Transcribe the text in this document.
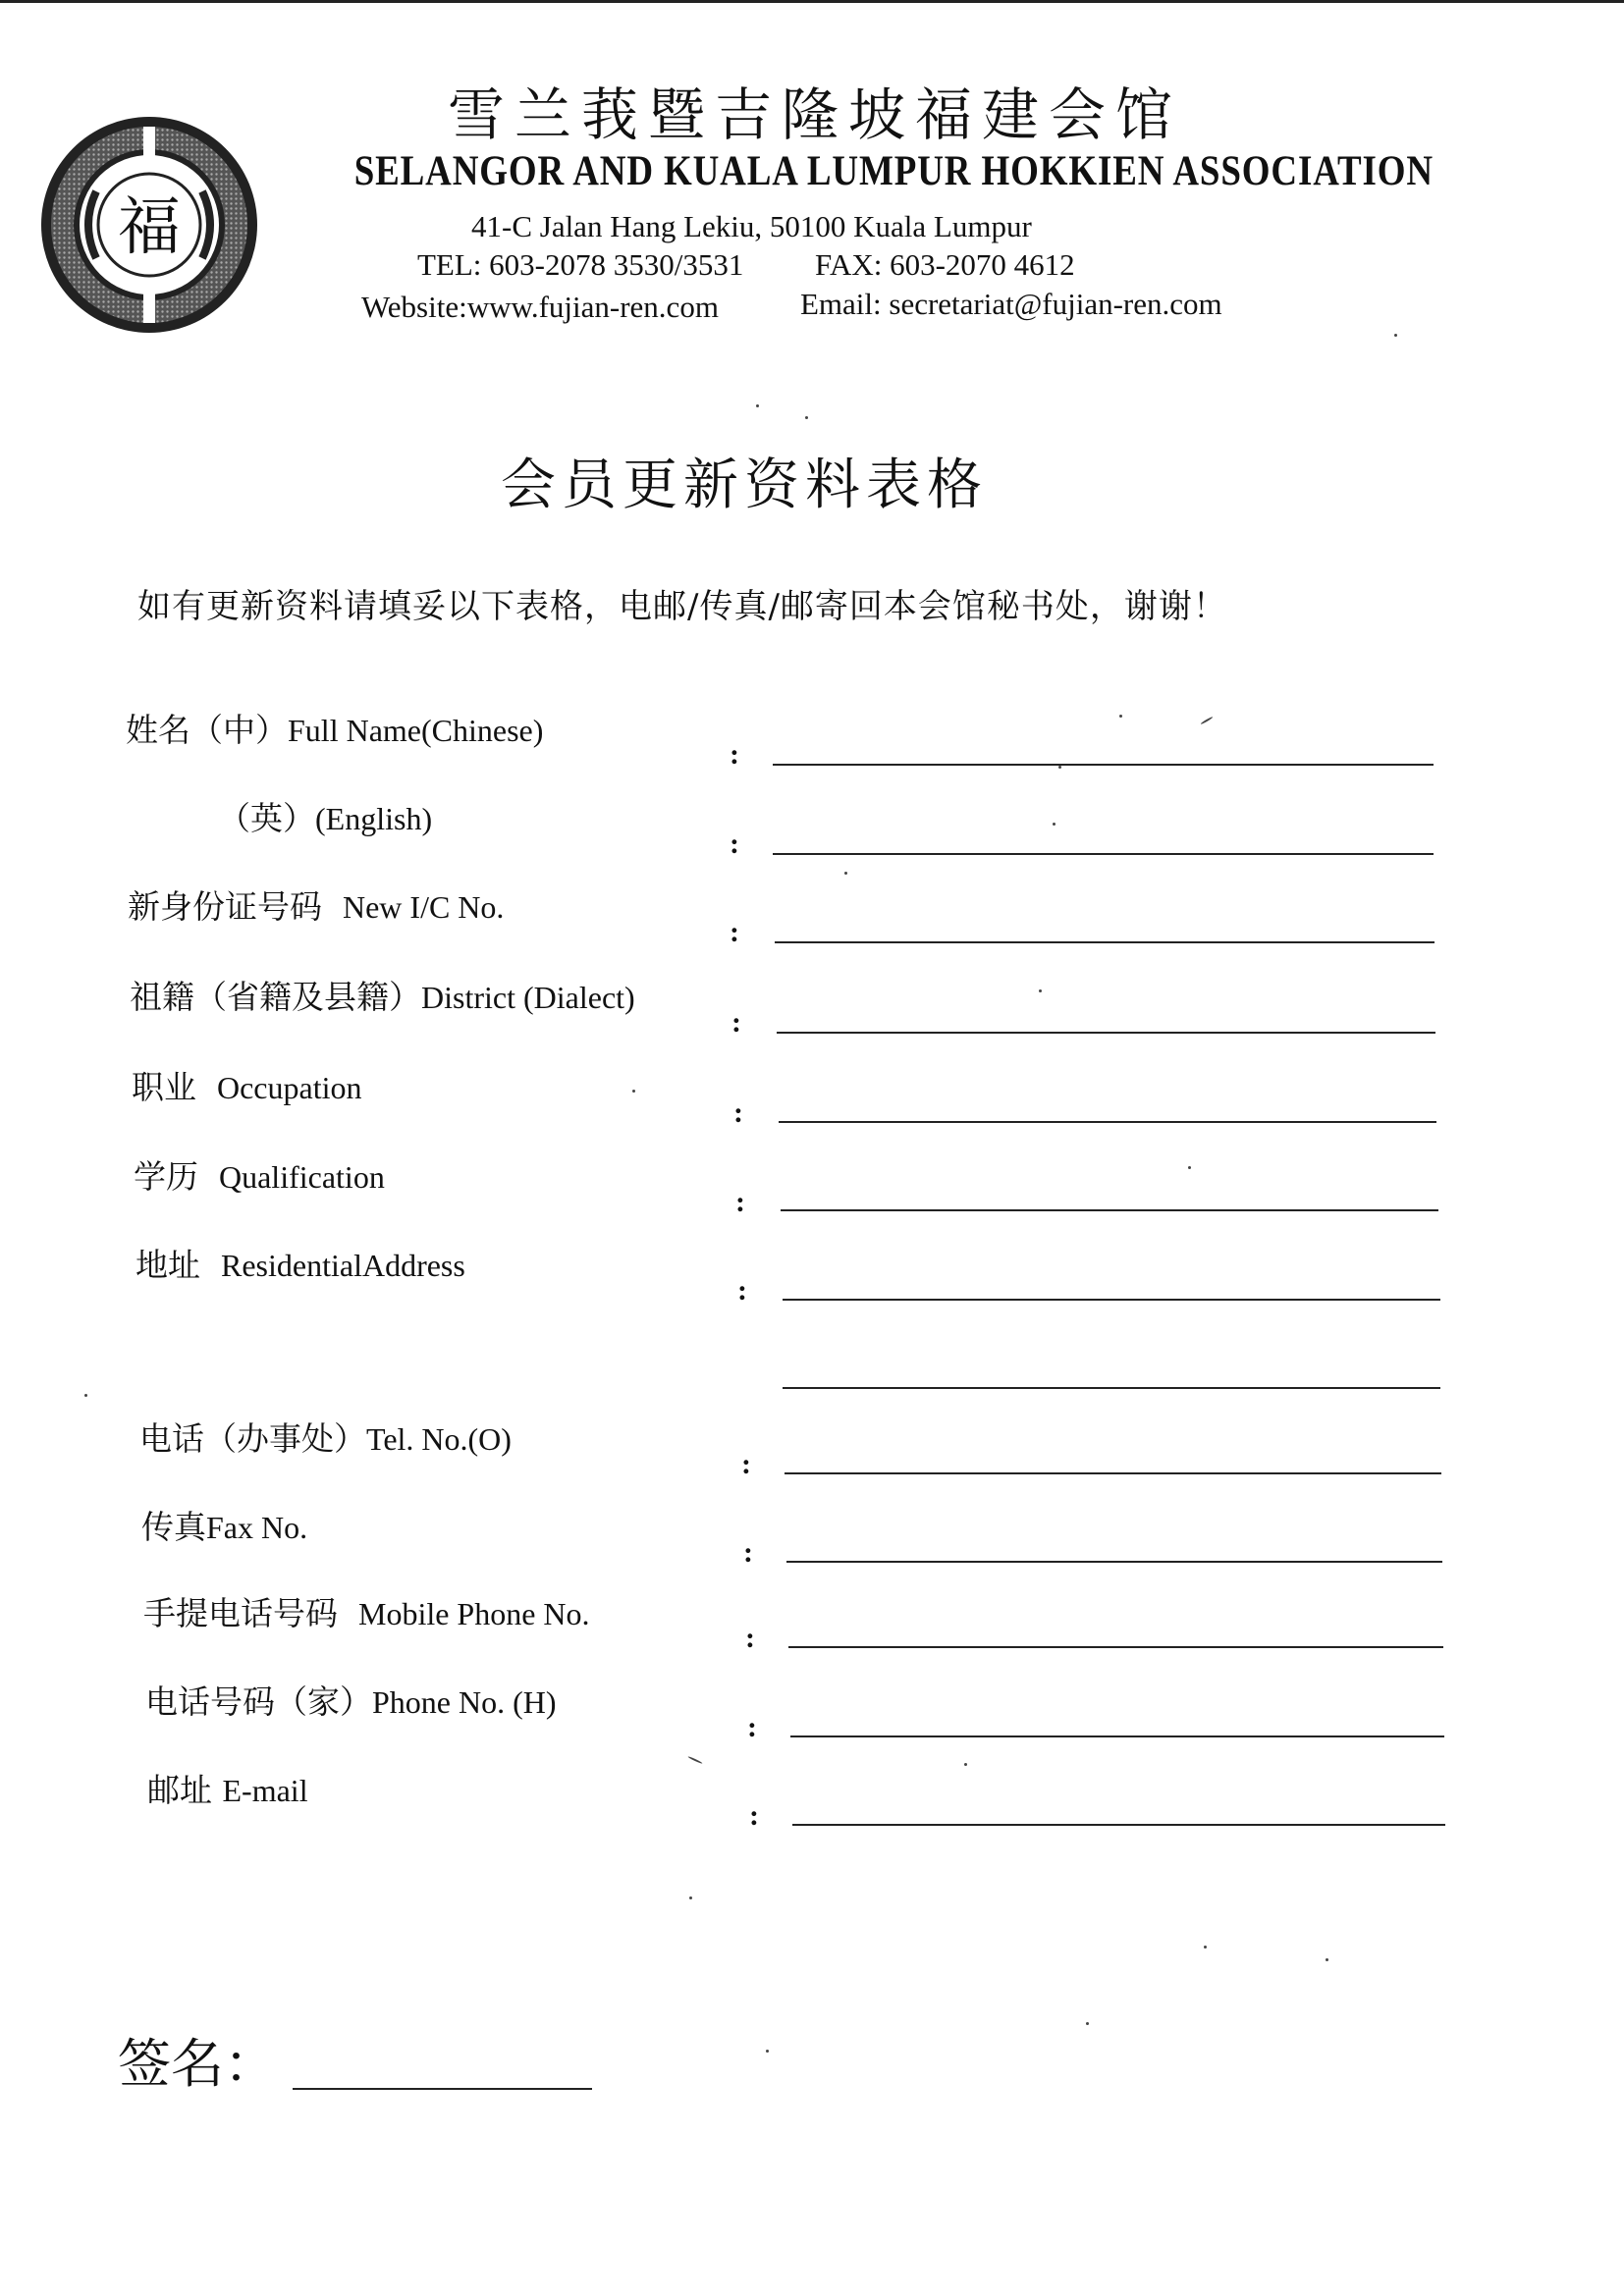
福
雪兰莪暨吉隆坡福建会馆
SELANGOR AND KUALA LUMPUR HOKKIEN ASSOCIATION
41-C Jalan Hang Lekiu, 50100 Kuala Lumpur
TEL: 603-2078 3530/3531 FAX: 603-2070 4612
Website:www.fujian-ren.com	Email: secretariat@fujian-ren.com
会员更新资料表格
如有更新资料请填妥以下表格，电邮/传真/邮寄回本会馆秘书处，谢谢！
姓名（中）Full Name(Chinese)
:
（英）(English)
:
新身份证号码 New I/C No.
:
祖籍（省籍及县籍）District (Dialect)
:
职业 Occupation
:
学历 Qualification
:
地址 ResidentialAddress
:
电话（办事处）Tel. No.(O)
:
传真Fax No.
:
手提电话号码 Mobile Phone No.
:
电话号码（家）Phone No. (H)
:
邮址 E-mail
:
签名：
